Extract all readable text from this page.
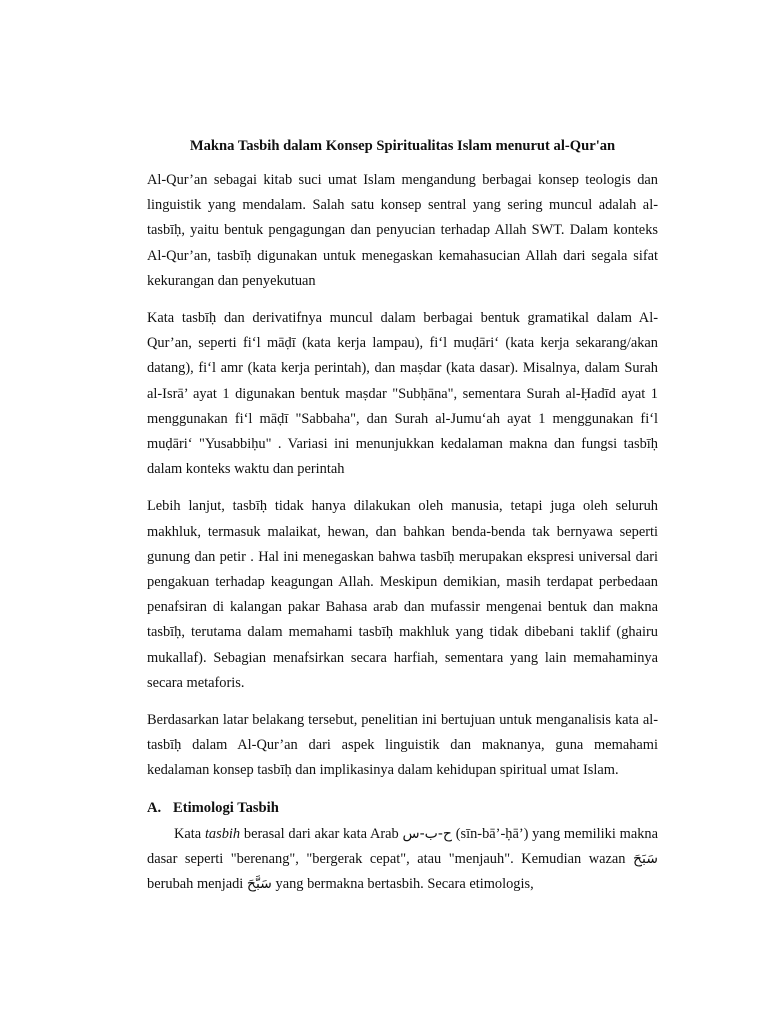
Makna Tasbih dalam Konsep Spiritualitas Islam menurut al-Qur'an

Al-Qur’an sebagai kitab suci umat Islam mengandung berbagai konsep teologis dan linguistik yang mendalam. Salah satu konsep sentral yang sering muncul adalah al-tasbīḥ, yaitu bentuk pengagungan dan penyucian terhadap Allah SWT. Dalam konteks Al-Qur’an, tasbīḥ digunakan untuk menegaskan kemahasucian Allah dari segala sifat kekurangan dan penyekutuan

Kata tasbīḥ dan derivatifnya muncul dalam berbagai bentuk gramatikal dalam Al-Qur’an, seperti fi‘l māḍī (kata kerja lampau), fi‘l muḍāri‘ (kata kerja sekarang/akan datang), fi‘l amr (kata kerja perintah), dan maṣdar (kata dasar). Misalnya, dalam Surah al-Isrā’ ayat 1 digunakan bentuk maṣdar "Subḥāna", sementara Surah al-Ḥadīd ayat 1 menggunakan fi‘l māḍī "Sabbaha", dan Surah al-Jumu‘ah ayat 1 menggunakan fi‘l muḍāri‘ "Yusabbiḥu" . Variasi ini menunjukkan kedalaman makna dan fungsi tasbīḥ dalam konteks waktu dan perintah

Lebih lanjut, tasbīḥ tidak hanya dilakukan oleh manusia, tetapi juga oleh seluruh makhluk, termasuk malaikat, hewan, dan bahkan benda-benda tak bernyawa seperti gunung dan petir . Hal ini menegaskan bahwa tasbīḥ merupakan ekspresi universal dari pengakuan terhadap keagungan Allah. Meskipun demikian, masih terdapat perbedaan penafsiran di kalangan pakar Bahasa arab dan mufassir mengenai bentuk dan makna tasbīḥ, terutama dalam memahami tasbīḥ makhluk yang tidak dibebani taklif (ghairu mukallaf). Sebagian menafsirkan secara harfiah, sementara yang lain memahaminya secara metaforis.

Berdasarkan latar belakang tersebut, penelitian ini bertujuan untuk menganalisis kata al-tasbīḥ dalam Al-Qur’an dari aspek linguistik dan maknanya, guna memahami kedalaman konsep tasbīḥ dan implikasinya dalam kehidupan spiritual umat Islam.

A. Etimologi Tasbih

Kata tasbih berasal dari akar kata Arab ح-ب-س (sīn-bā’-ḥā’) yang memiliki makna dasar seperti "berenang", "bergerak cepat", atau "menjauh". Kemudian wazan سَبَحَ berubah menjadi سَبَّحَ yang bermakna bertasbih. Secara etimologis,
